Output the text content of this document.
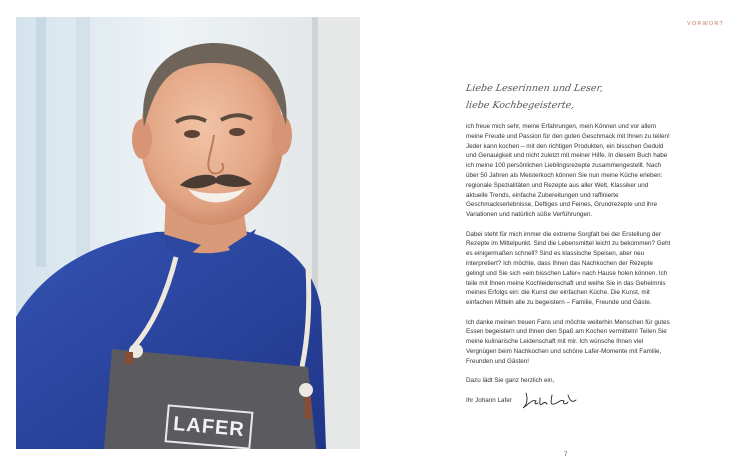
LAFER
VORWORT
Liebe Leserinnen und Leser,
liebe Kochbegeisterte,

ich freue mich sehr, meine Erfahrungen, mein Können und vor allem meine Freude und Passion für den guten Geschmack mit Ihnen zu teilen! Jeder kann kochen – mit den richtigen Produkten, ein bisschen Geduld und Genauigkeit und nicht zuletzt mit meiner Hilfe. In diesem Buch habe ich meine 100 persönlichen Lieblingsrezepte zusammengestellt. Nach über 50 Jahren als Meisterkoch können Sie nun meine Küche erleben: regionale Spezialitäten und Rezepte aus aller Welt, Klassiker und aktuelle Trends, einfache Zubereitungen und raffinierte Geschmackserlebnisse, Deftiges und Feines, Grundrezepte und ihre Variationen und natürlich süße Verführungen.

Dabei steht für mich immer die extreme Sorgfalt bei der Erstellung der Rezepte im Mittelpunkt. Sind die Lebensmittel leicht zu bekommen? Geht es einigermaßen schnell? Sind es klassische Speisen, aber neu interpretiert? Ich möchte, dass Ihnen das Nachkochen der Rezepte gelingt und Sie sich »ein bisschen Lafer« nach Hause holen können. Ich teile mit Ihnen meine Kochleidenschaft und weihe Sie in das Geheimnis meines Erfolgs ein: die Kunst der einfachen Küche. Die Kunst, mit einfachen Mitteln alle zu begeistern – Familie, Freunde und Gäste.

Ich danke meinen treuen Fans und möchte weiterhin Menschen für gutes Essen begeistern und Ihnen den Spaß am Kochen vermitteln! Teilen Sie meine kulinarische Leidenschaft mit mir. Ich wünsche Ihnen viel Vergnügen beim Nachkochen und schöne Lafer-Momente mit Familie, Freunden und Gästen!

Dazu lädt Sie ganz herzlich ein,

Ihr Johann Lafer

7
